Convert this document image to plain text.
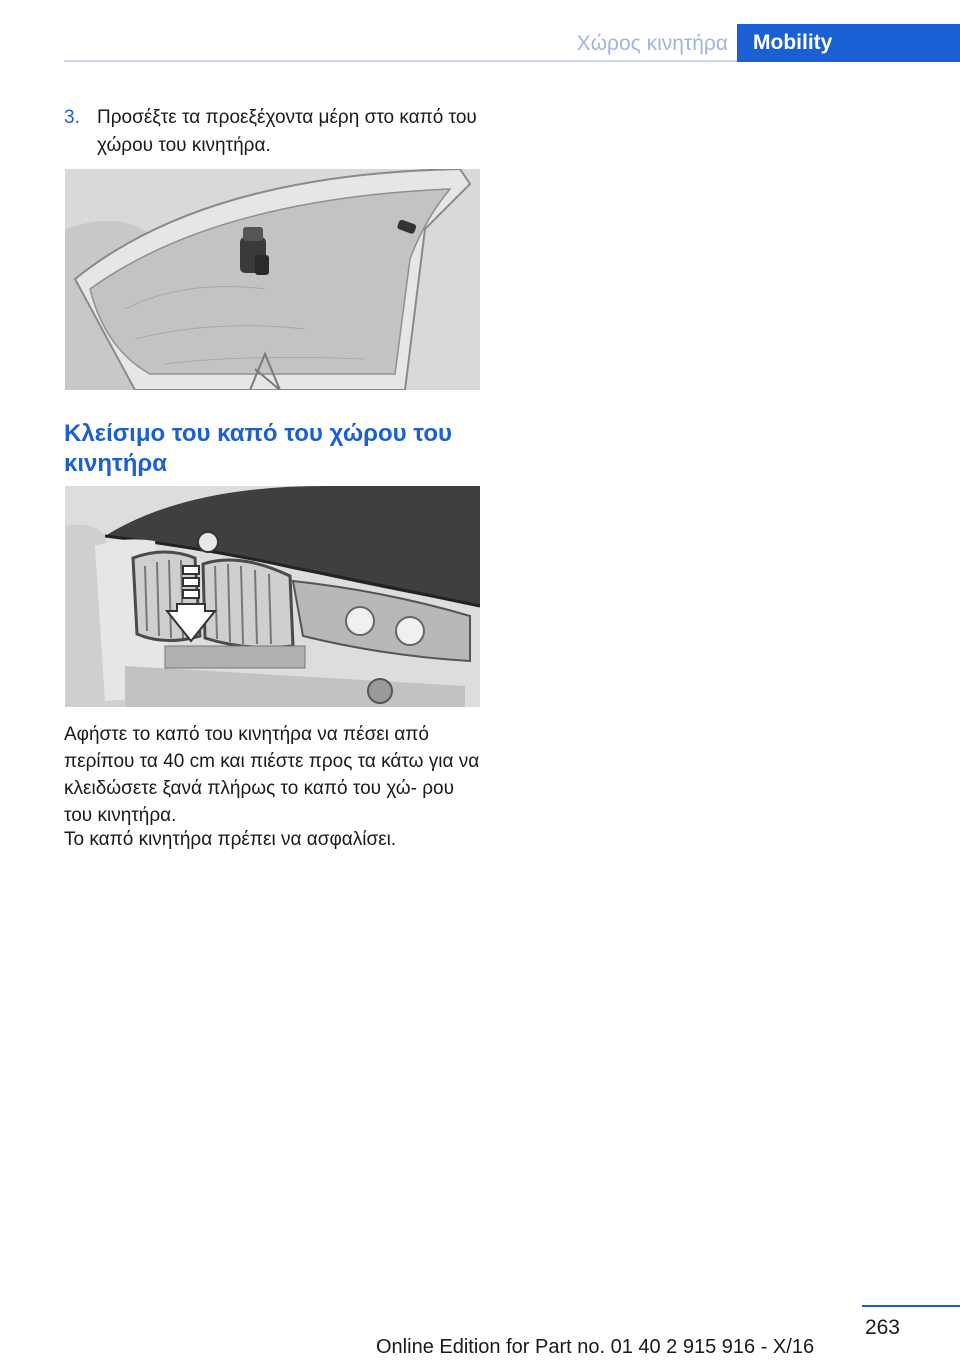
Χώρος κινητήρα	Mobility
3. Προσέξτε τα προεξέχοντα μέρη στο καπό του χώρου του κινητήρα.
Κλείσιμο του καπό του χώρου του κινητήρα

Αφήστε το καπό του κινητήρα να πέσει από περίπου τα 40 cm και πιέστε προς τα κάτω για να κλειδώσετε ξανά πλήρως το καπό του χώ‐ ρου του κινητήρα.

Το καπό κινητήρα πρέπει να ασφαλίσει.

263
Online Edition for Part no. 01 40 2 915 916 - X/16
